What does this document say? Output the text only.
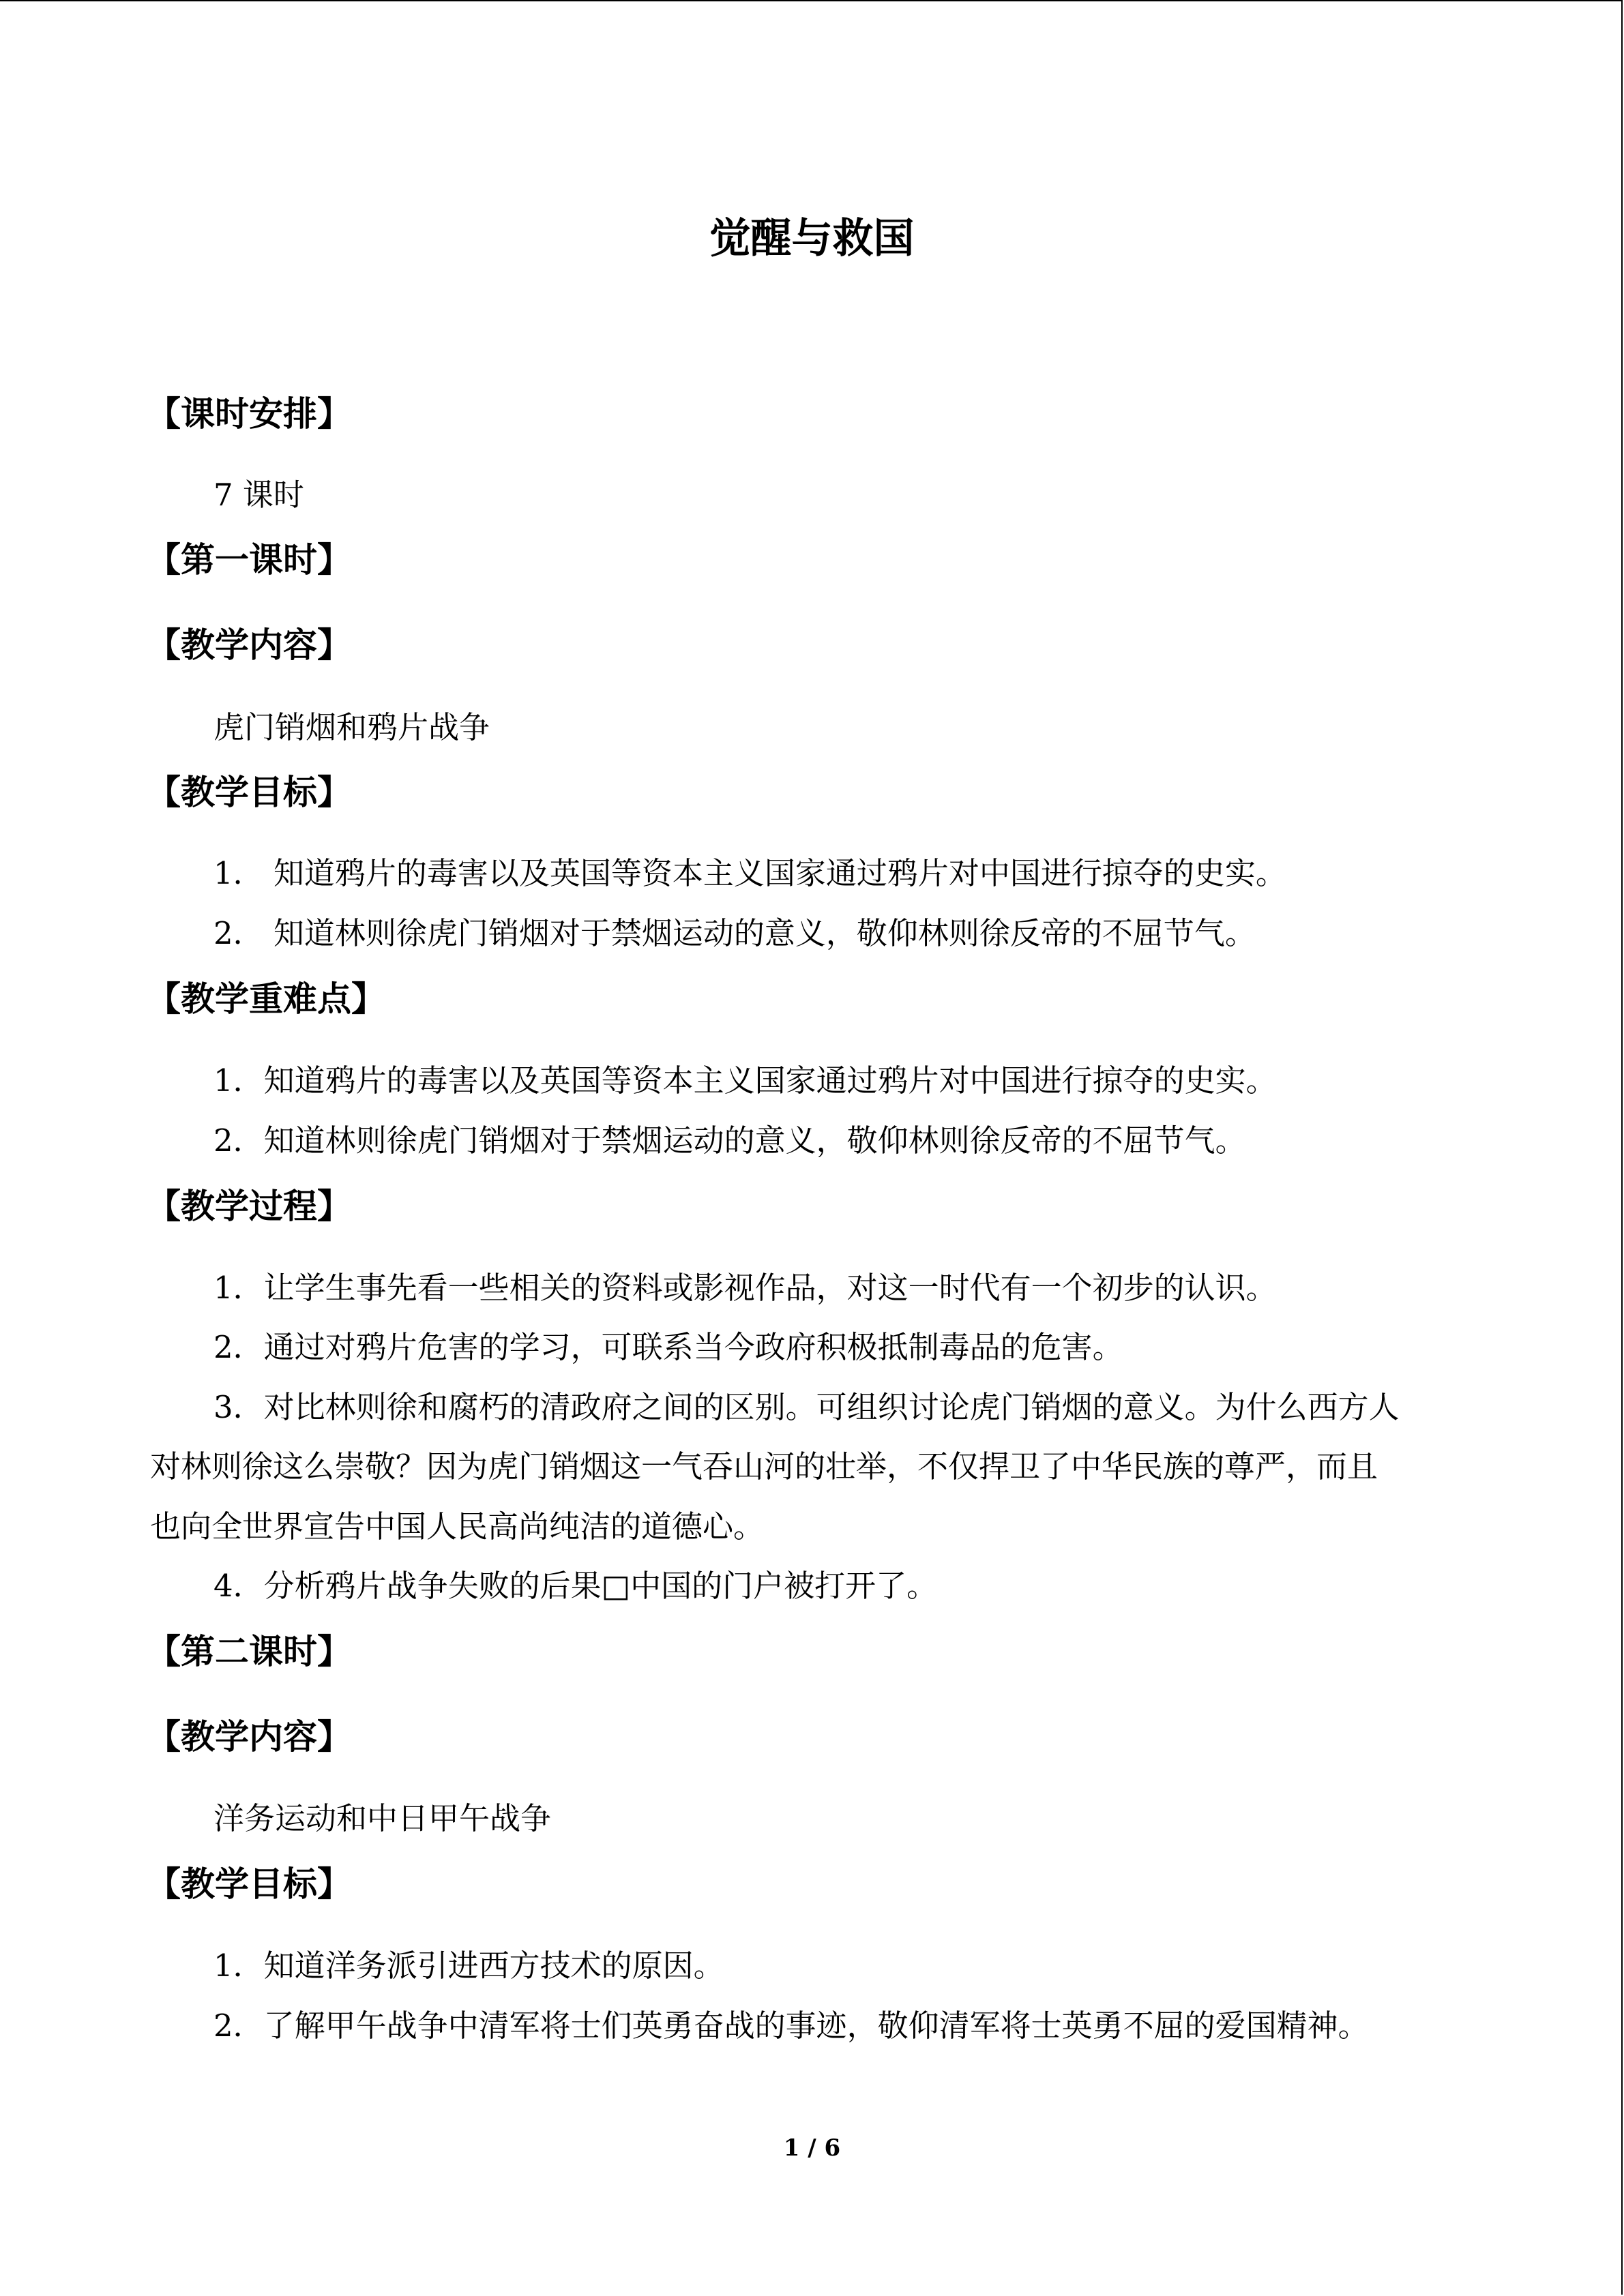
觉醒与救国
【课时安排】
7 课时
【第一课时】
【教学内容】
虎门销烟和鸦片战争
【教学目标】
1． 知道鸦片的毒害以及英国等资本主义国家通过鸦片对中国进行掠夺的史实。
2． 知道林则徐虎门销烟对于禁烟运动的意义，敬仰林则徐反帝的不屈节气。
【教学重难点】
1．知道鸦片的毒害以及英国等资本主义国家通过鸦片对中国进行掠夺的史实。
2．知道林则徐虎门销烟对于禁烟运动的意义，敬仰林则徐反帝的不屈节气。
【教学过程】
1．让学生事先看一些相关的资料或影视作品，对这一时代有一个初步的认识。
2．通过对鸦片危害的学习，可联系当今政府积极抵制毒品的危害。
3．对比林则徐和腐朽的清政府之间的区别。可组织讨论虎门销烟的意义。为什么西方人
对林则徐这么崇敬？因为虎门销烟这一气吞山河的壮举，不仅捍卫了中华民族的尊严，而且
也向全世界宣告中国人民高尚纯洁的道德心。
4．分析鸦片战争失败的后果□中国的门户被打开了。
【第二课时】
【教学内容】
洋务运动和中日甲午战争
【教学目标】
1．知道洋务派引进西方技术的原因。
2．了解甲午战争中清军将士们英勇奋战的事迹，敬仰清军将士英勇不屈的爱国精神。
1 / 6
